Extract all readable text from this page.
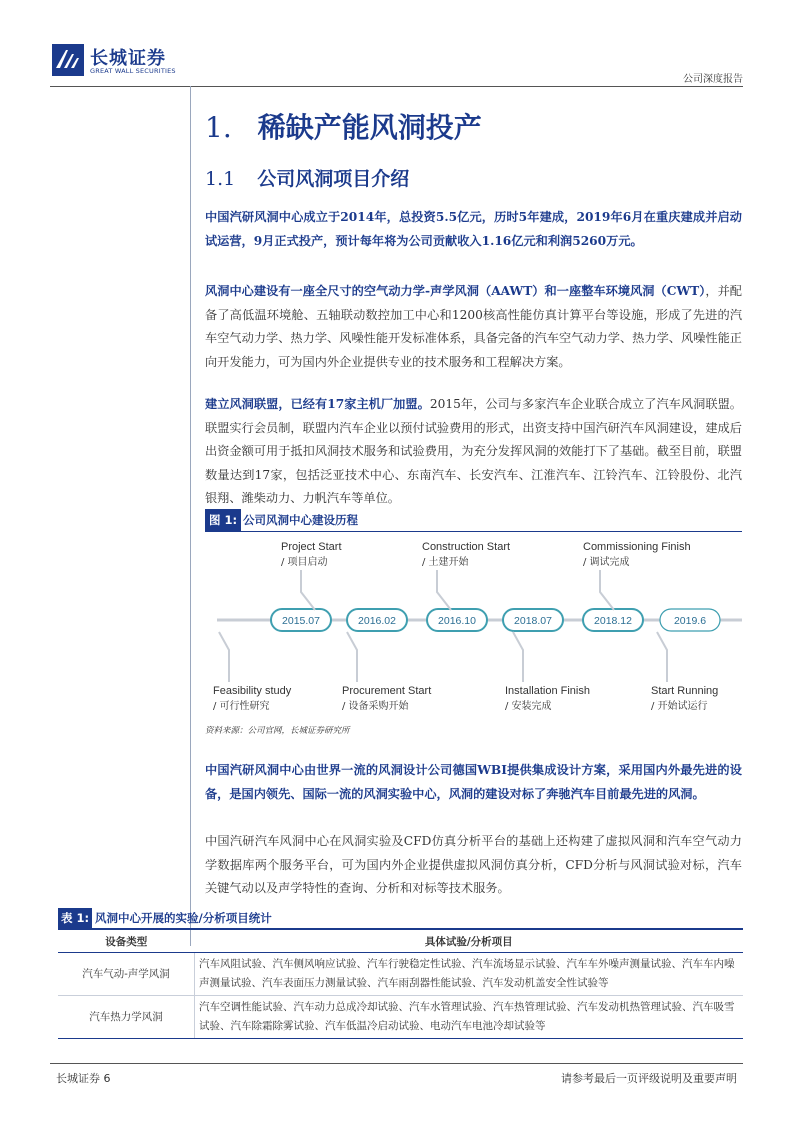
长城证券
GREAT WALL SECURITIES
公司深度报告
1. 稀缺产能风洞投产
1.1 公司风洞项目介绍
中国汽研风洞中心成立于2014年，总投资5.5亿元，历时5年建成，2019年6月在重庆建成并启动试运营，9月正式投产，预计每年将为公司贡献收入1.16亿元和利润5260万元。
风洞中心建设有一座全尺寸的空气动力学-声学风洞（AAWT）和一座整车环境风洞（CWT），并配备了高低温环境舱、五轴联动数控加工中心和1200核高性能仿真计算平台等设施，形成了先进的汽车空气动力学、热力学、风噪性能开发标准体系，具备完备的汽车空气动力学、热力学、风噪性能正向开发能力，可为国内外企业提供专业的技术服务和工程解决方案。
建立风洞联盟，已经有17家主机厂加盟。2015年，公司与多家汽车企业联合成立了汽车风洞联盟。联盟实行会员制，联盟内汽车企业以预付试验费用的形式，出资支持中国汽研汽车风洞建设，建成后出资金额可用于抵扣风洞技术服务和试验费用，为充分发挥风洞的效能打下了基础。截至目前，联盟数量达到17家，包括泛亚技术中心、东南汽车、长安汽车、江淮汽车、江铃汽车、江铃股份、北汽银翔、潍柴动力、力帆汽车等单位。
图 1: 公司风洞中心建设历程
2015.07	2016.02	2016.10	2018.07	2018.12	2019.6
Project Start
/ 项目启动
Feasibility study
/ 可行性研究
Procurement Start
/ 设备采购开始
Construction Start
/ 土建开始
Installation Finish
/ 安装完成
Commissioning Finish
/ 调试完成
Start Running
/ 开始试运行
资料来源：公司官网，长城证券研究所
中国汽研风洞中心由世界一流的风洞设计公司德国WBI提供集成设计方案，采用国内外最先进的设备，是国内领先、国际一流的风洞实验中心，风洞的建设对标了奔驰汽车目前最先进的风洞。
中国汽研汽车风洞中心在风洞实验及CFD仿真分析平台的基础上还构建了虚拟风洞和汽车空气动力学数据库两个服务平台，可为国内外企业提供虚拟风洞仿真分析，CFD分析与风洞试验对标，汽车关键气动以及声学特性的查询、分析和对标等技术服务。
表 1: 风洞中心开展的实验/分析项目统计
设备类型	具体试验/分析项目
汽车气动-声学风洞	汽车风阻试验、汽车侧风响应试验、汽车行驶稳定性试验、汽车流场显示试验、汽车车外噪声测量试验、汽车车内噪声测量试验、汽车表面压力测量试验、汽车雨刮器性能试验、汽车发动机盖安全性试验等
汽车热力学风洞	汽车空调性能试验、汽车动力总成冷却试验、汽车水管理试验、汽车热管理试验、汽车发动机热管理试验、汽车吸雪试验、汽车除霜除雾试验、汽车低温冷启动试验、电动汽车电池冷却试验等
长城证券 6	请参考最后一页评级说明及重要声明
